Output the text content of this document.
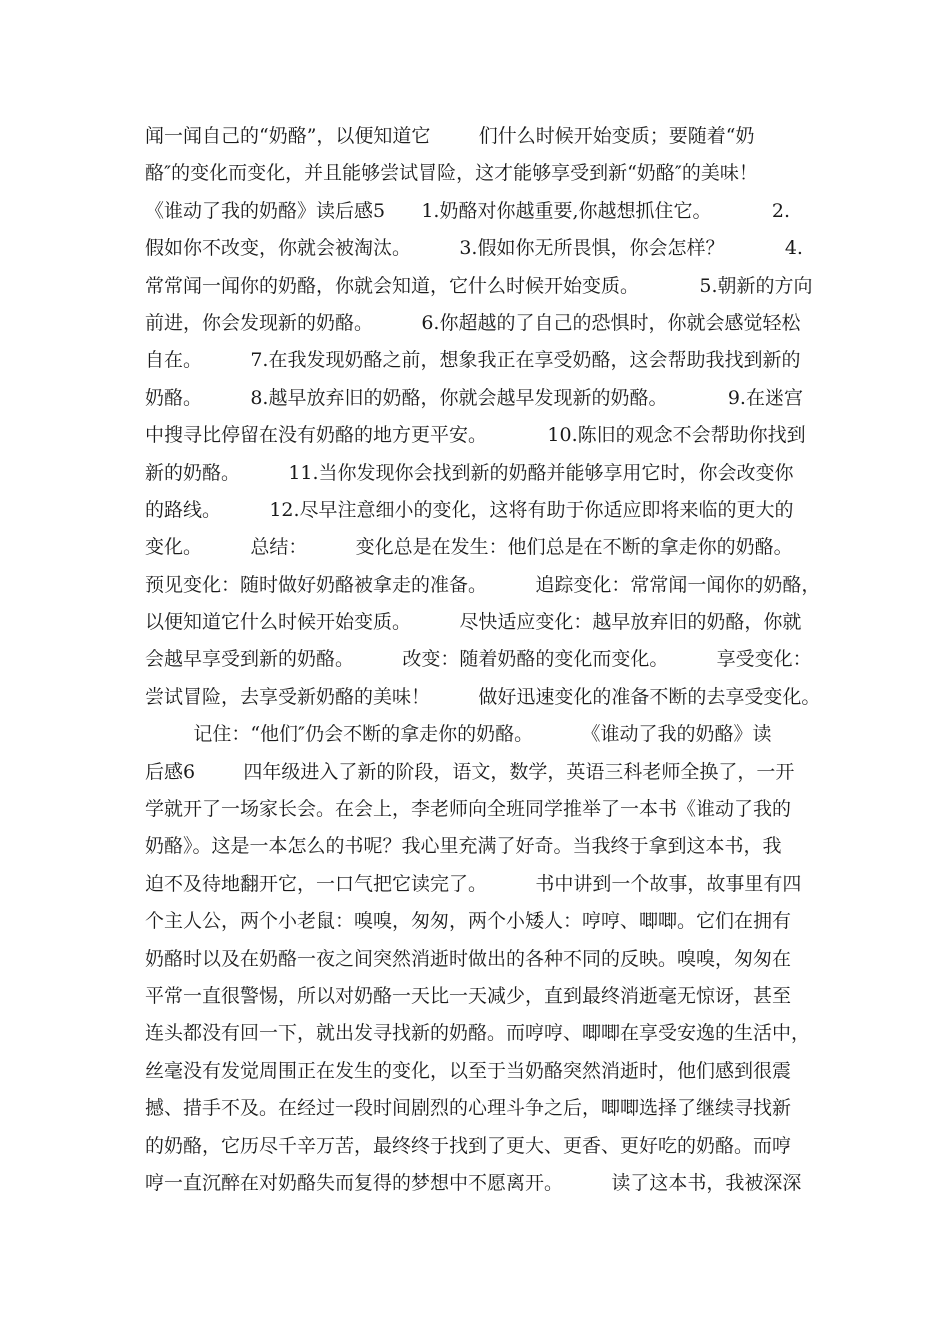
闻一闻自己的“奶酪”，以便知道它        们什么时候开始变质；要随着“奶
酪″的变化而变化，并且能够尝试冒险，这才能够享受到新“奶酪″的美味！
《谁动了我的奶酪》读后感5      1.奶酪对你越重要,你越想抓住它。          2.
假如你不改变，你就会被淘汰。        3.假如你无所畏惧，你会怎样？          4.
常常闻一闻你的奶酪，你就会知道，它什么时候开始变质。          5.朝新的方向
前进，你会发现新的奶酪。        6.你超越的了自己的恐惧时，你就会感觉轻松
自在。        7.在我发现奶酪之前，想象我正在享受奶酪，这会帮助我找到新的
奶酪。        8.越早放弃旧的奶酪，你就会越早发现新的奶酪。          9.在迷宫
中搜寻比停留在没有奶酪的地方更平安。          10.陈旧的观念不会帮助你找到
新的奶酪。        11.当你发现你会找到新的奶酪并能够享用它时，你会改变你
的路线。        12.尽早注意细小的变化，这将有助于你适应即将来临的更大的
变化。        总结：        变化总是在发生：他们总是在不断的拿走你的奶酪。
预见变化：随时做好奶酪被拿走的准备。        追踪变化：常常闻一闻你的奶酪，
以便知道它什么时候开始变质。        尽快适应变化：越早放弃旧的奶酪，你就
会越早享受到新的奶酪。        改变：随着奶酪的变化而变化。        享受变化：
尝试冒险，去享受新奶酪的美味！        做好迅速变化的准备不断的去享受变化。
记住：“他们″仍会不断的拿走你的奶酪。        《谁动了我的奶酪》读
后感6        四年级进入了新的阶段，语文，数学，英语三科老师全换了，一开
学就开了一场家长会。在会上，李老师向全班同学推举了一本书《谁动了我的
奶酪》。这是一本怎么的书呢？我心里充满了好奇。当我终于拿到这本书，我
迫不及待地翻开它，一口气把它读完了。        书中讲到一个故事，故事里有四
个主人公，两个小老鼠：嗅嗅，匆匆，两个小矮人：哼哼、唧唧。它们在拥有
奶酪时以及在奶酪一夜之间突然消逝时做出的各种不同的反映。嗅嗅，匆匆在
平常一直很警惕，所以对奶酪一天比一天减少，直到最终消逝毫无惊讶，甚至
连头都没有回一下，就出发寻找新的奶酪。而哼哼、唧唧在享受安逸的生活中，
丝毫没有发觉周围正在发生的变化，以至于当奶酪突然消逝时，他们感到很震
撼、措手不及。在经过一段时间剧烈的心理斗争之后，唧唧选择了继续寻找新
的奶酪，它历尽千辛万苦，最终终于找到了更大、更香、更好吃的奶酪。而哼
哼一直沉醉在对奶酪失而复得的梦想中不愿离开。        读了这本书，我被深深
